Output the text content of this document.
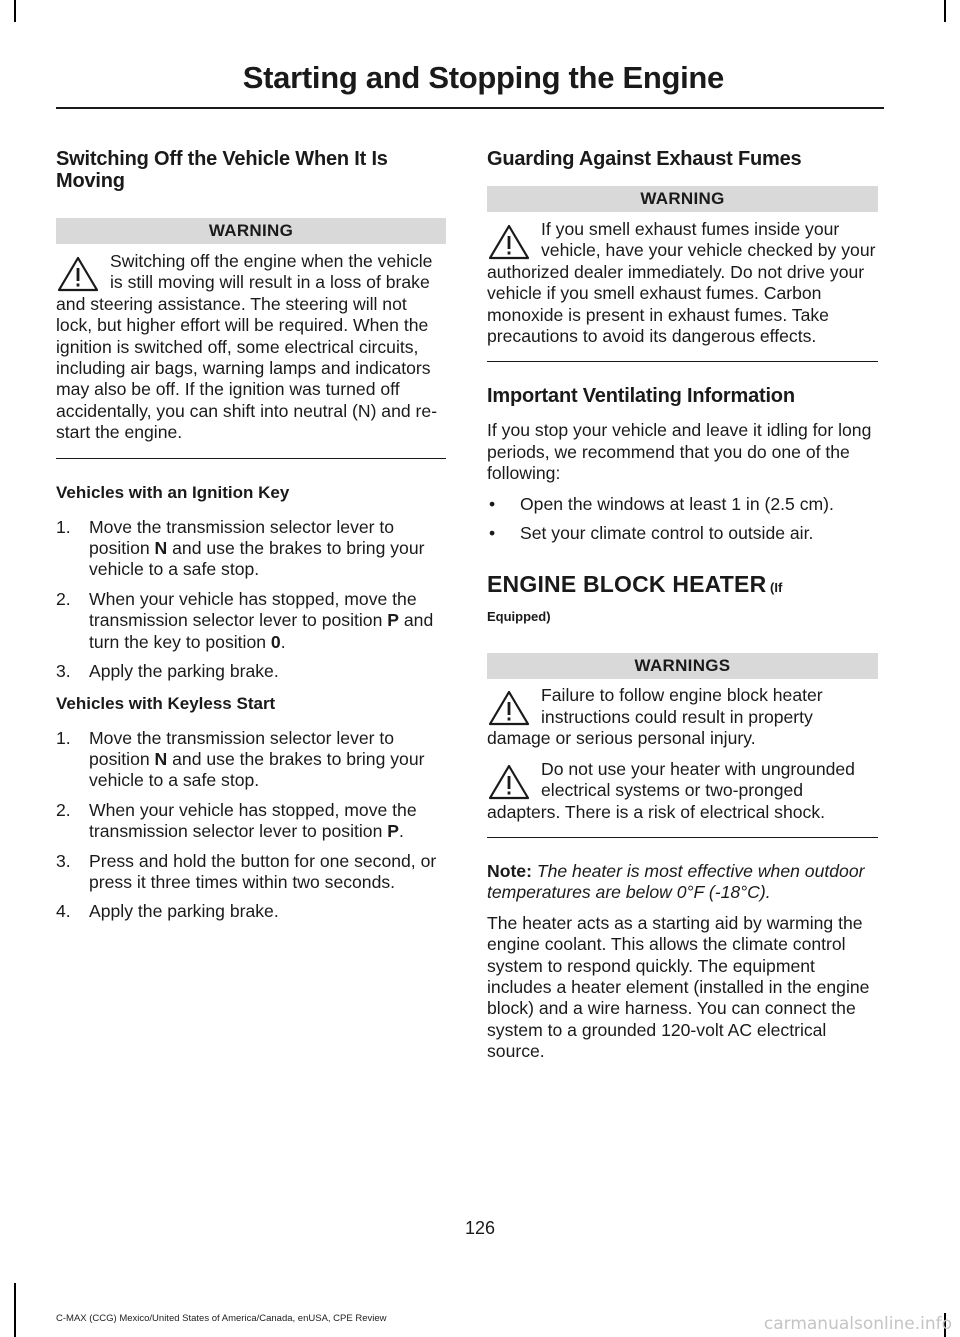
Starting and Stopping the Engine
Switching Off the Vehicle When It Is Moving
WARNING
Switching off the engine when the vehicle is still moving will result in a loss of brake and steering assistance. The steering will not lock, but higher effort will be required. When the ignition is switched off, some electrical circuits, including air bags, warning lamps and indicators may also be off. If the ignition was turned off accidentally, you can shift into neutral (N) and re-start the engine.
Vehicles with an Ignition Key
1. Move the transmission selector lever to position N and use the brakes to bring your vehicle to a safe stop.
2. When your vehicle has stopped, move the transmission selector lever to position P and turn the key to position 0.
3. Apply the parking brake.
Vehicles with Keyless Start
1. Move the transmission selector lever to position N and use the brakes to bring your vehicle to a safe stop.
2. When your vehicle has stopped, move the transmission selector lever to position P.
3. Press and hold the button for one second, or press it three times within two seconds.
4. Apply the parking brake.
Guarding Against Exhaust Fumes
WARNING
If you smell exhaust fumes inside your vehicle, have your vehicle checked by your authorized dealer immediately. Do not drive your vehicle if you smell exhaust fumes. Carbon monoxide is present in exhaust fumes. Take precautions to avoid its dangerous effects.
Important Ventilating Information

If you stop your vehicle and leave it idling for long periods, we recommend that you do one of the following:

• Open the windows at least 1 in (2.5 cm).
• Set your climate control to outside air.
ENGINE BLOCK HEATER (If
Equipped)
WARNINGS
Failure to follow engine block heater instructions could result in property damage or serious personal injury.
Do not use your heater with ungrounded electrical systems or two-pronged adapters. There is a risk of electrical shock.

Note: The heater is most effective when outdoor temperatures are below 0°F (-18°C).

The heater acts as a starting aid by warming the engine coolant. This allows the climate control system to respond quickly. The equipment includes a heater element (installed in the engine block) and a wire harness. You can connect the system to a grounded 120-volt AC electrical source.

126
C-MAX (CCG) Mexico/United States of America/Canada, enUSA, CPE Review	carmanualsonline.info
